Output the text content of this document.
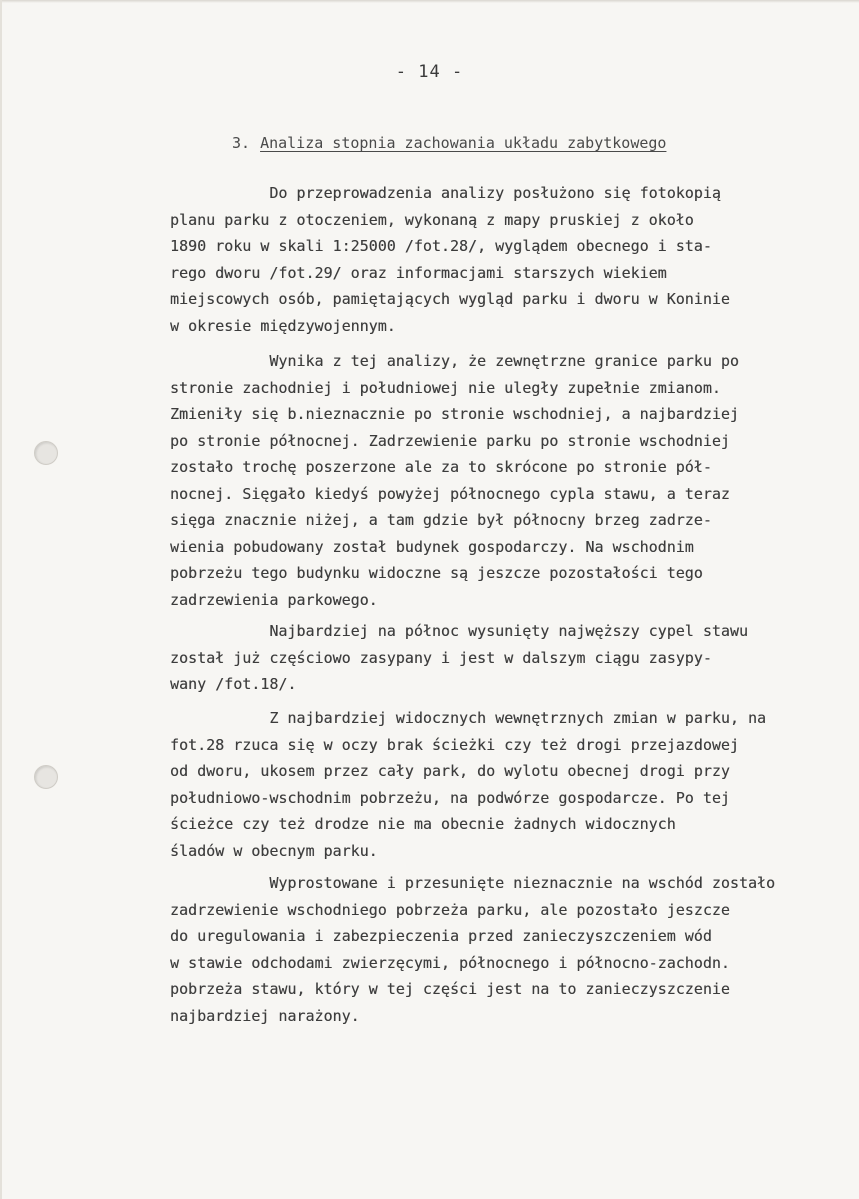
- 14 -
3. Analiza stopnia zachowania układu zabytkowego

Do przeprowadzenia analizy posłużono się fotokopią
planu parku z otoczeniem, wykonaną z mapy pruskiej z około
1890 roku w skali 1:25000 /fot.28/, wyglądem obecnego i sta-
rego dworu /fot.29/ oraz informacjami starszych wiekiem
miejscowych osób, pamiętających wygląd parku i dworu w Koninie
w okresie międzywojennym.

Wynika z tej analizy, że zewnętrzne granice parku po
stronie zachodniej i południowej nie uległy zupełnie zmianom.
Zmieniły się b.nieznacznie po stronie wschodniej, a najbardziej
po stronie północnej. Zadrzewienie parku po stronie wschodniej
zostało trochę poszerzone ale za to skrócone po stronie pół-
nocnej. Sięgało kiedyś powyżej północnego cypla stawu, a teraz
sięga znacznie niżej, a tam gdzie był północny brzeg zadrze-
wienia pobudowany został budynek gospodarczy. Na wschodnim
pobrzeżu tego budynku widoczne są jeszcze pozostałości tego
zadrzewienia parkowego.

Najbardziej na północ wysunięty najwęższy cypel stawu
został już częściowo zasypany i jest w dalszym ciągu zasypy-
wany /fot.18/.

Z najbardziej widocznych wewnętrznych zmian w parku, na
fot.28 rzuca się w oczy brak ścieżki czy też drogi przejazdowej
od dworu, ukosem przez cały park, do wylotu obecnej drogi przy
południowo-wschodnim pobrzeżu, na podwórze gospodarcze. Po tej
ścieżce czy też drodze nie ma obecnie żadnych widocznych
śladów w obecnym parku.

Wyprostowane i przesunięte nieznacznie na wschód zostało
zadrzewienie wschodniego pobrzeża parku, ale pozostało jeszcze
do uregulowania i zabezpieczenia przed zanieczyszczeniem wód
w stawie odchodami zwierzęcymi, północnego i północno-zachodn.
pobrzeża stawu, który w tej części jest na to zanieczyszczenie
najbardziej narażony.
